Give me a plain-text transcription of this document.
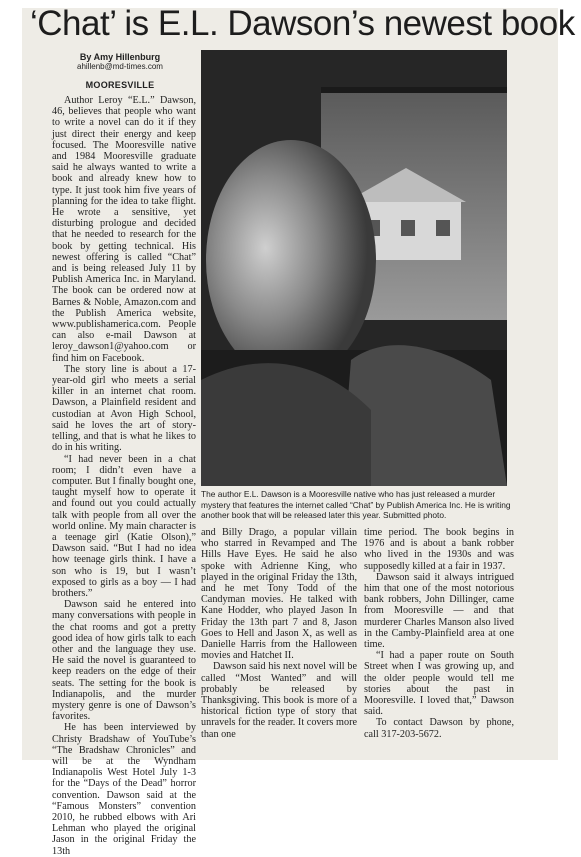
‘Chat’ is E.L. Dawson’s newest book
By Amy Hillenburg
ahillenb@md-times.com
MOORESVILLE

Author Leroy “E.L.” Dawson, 46, believes that people who want to write a novel can do it if they just direct their energy and keep focused. The Mooresville native and 1984 Mooresville graduate said he always wanted to write a book and already knew how to type. It just took him five years of planning for the idea to take flight. He wrote a sensitive, yet disturbing prologue and decided that he needed to research for the book by getting technical. His newest offering is called “Chat” and is being released July 11 by Publish America Inc. in Maryland. The book can be ordered now at Barnes & Noble, Amazon.com and the Publish America website, www.publishamerica.com. People can also e-mail Dawson at leroy_dawson1@yahoo.com or find him on Facebook.

The story line is about a 17-year-old girl who meets a serial killer in an internet chat room. Dawson, a Plainfield resident and custodian at Avon High School, said he loves the art of story-telling, and that is what he likes to do in his writing.

“I had never been in a chat room; I didn’t even have a computer. But I finally bought one, taught myself how to operate it and found out you could actually talk with people from all over the world online. My main character is a teenage girl (Katie Olson),” Dawson said. “But I had no idea how teenage girls think. I have a son who is 19, but I wasn’t exposed to girls as a boy — I had brothers.”

Dawson said he entered into many conversations with people in the chat rooms and got a pretty good idea of how girls talk to each other and the language they use. He said the novel is guaranteed to keep readers on the edge of their seats. The setting for the book is Indianapolis, and the murder mystery genre is one of Dawson’s favorites.

He has been interviewed by Christy Bradshaw of YouTube’s “The Bradshaw Chronicles” and will be at the Wyndham Indianapolis West Hotel July 1-3 for the “Days of the Dead” horror convention. Dawson said at the “Famous Monsters” convention 2010, he rubbed elbows with Ari Lehman who played the original Jason in the original Friday the 13th

The author E.L. Dawson is a Mooresville native who has just released a murder mystery that features the internet called “Chat” by Publish America Inc. He is writing another book that will be released later this year. Submitted photo.

and Billy Drago, a popular villain who starred in Revamped and The Hills Have Eyes. He said he also spoke with Adrienne King, who played in the original Friday the 13th, and he met Tony Todd of the Candyman movies. He talked with Kane Hodder, who played Jason In Friday the 13th part 7 and 8, Jason Goes to Hell and Jason X, as well as Danielle Harris from the Halloween movies and Hatchet II.

Dawson said his next novel will be called “Most Wanted” and will probably be released by Thanksgiving. This book is more of a historical fiction type of story that unravels for the reader. It covers more than one

time period. The book begins in 1976 and is about a bank robber who lived in the 1930s and was supposedly killed at a fair in 1937.

Dawson said it always intrigued him that one of the most notorious bank robbers, John Dillinger, came from Mooresville — and that murderer Charles Manson also lived in the Camby-Plainfield area at one time.

“I had a paper route on South Street when I was growing up, and the older people would tell me stories about the past in Mooresville. I loved that,” Dawson said.

To contact Dawson by phone, call 317-203-5672.
